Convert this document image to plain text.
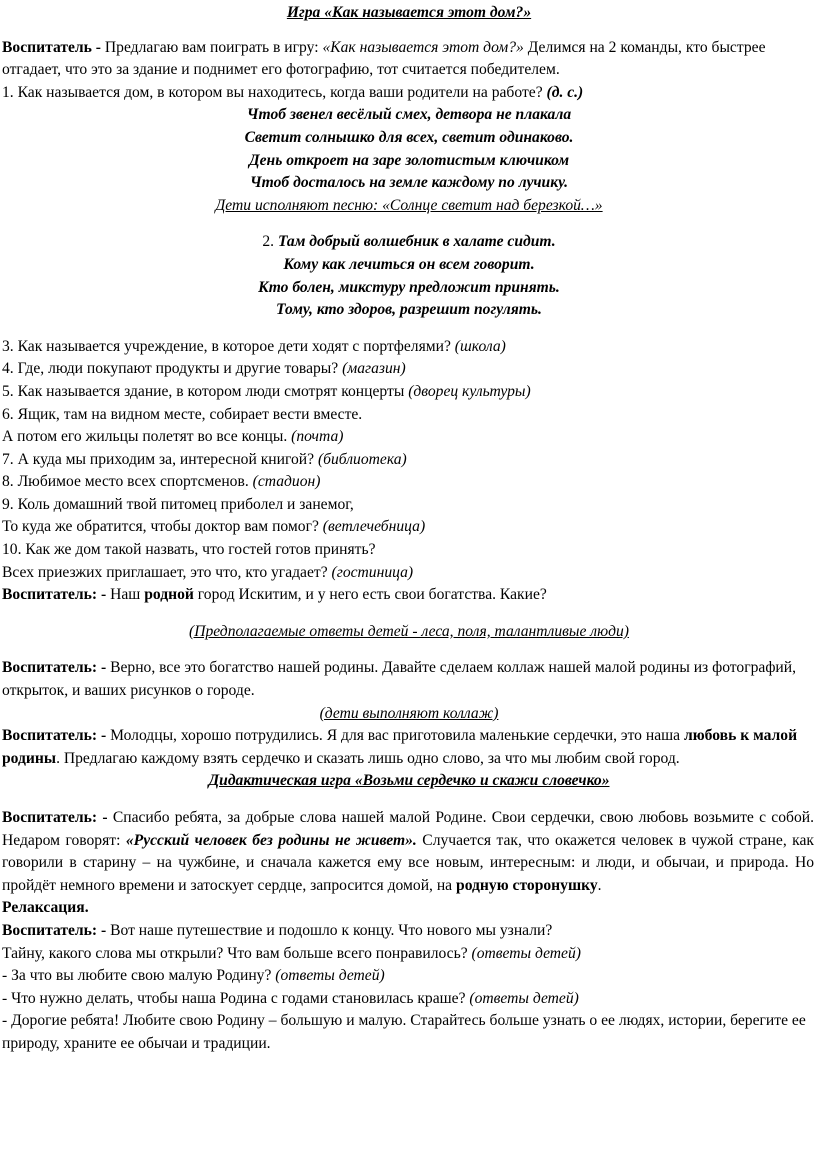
Игра «Как называется этот дом?»

Воспитатель - Предлагаю вам поиграть в игру: «Как называется этот дом?» Делимся на 2 команды, кто быстрее отгадает, что это за здание и поднимет его фотографию, тот считается победителем.

1. Как называется дом, в котором вы находитесь, когда ваши родители на работе? (д. с.)

Чтоб звенел весёлый смех, детвора не плакала

Светит солнышко для всех, светит одинаково.

День откроет на заре золотистым ключиком

Чтоб досталось на земле каждому по лучику.

Дети исполняют песню: «Солнце светит над березкой…»

2. Там добрый волшебник в халате сидит.

Кому как лечиться он всем говорит.

Кто болен, микстуру предложит принять.

Тому, кто здоров, разрешит погулять.

3. Как называется учреждение, в которое дети ходят с портфелями? (школа)

4. Где, люди покупают продукты и другие товары? (магазин)

5. Как называется здание, в котором люди смотрят концерты (дворец культуры)

6. Ящик, там на видном месте, собирает вести вместе.

А потом его жильцы полетят во все концы. (почта)

7. А куда мы приходим за, интересной книгой? (библиотека)

8. Любимое место всех спортсменов. (стадион)

9. Коль домашний твой питомец приболел и занемог,

То куда же обратится, чтобы доктор вам помог? (ветлечебница)

10. Как же дом такой назвать, что гостей готов принять?

Всех приезжих приглашает, это что, кто угадает? (гостиница)

Воспитатель: - Наш родной город Искитим, и у него есть свои богатства. Какие?

(Предполагаемые ответы детей - леса, поля, талантливые люди)

Воспитатель: - Верно, все это богатство нашей родины. Давайте сделаем коллаж нашей малой родины из фотографий, открыток, и ваших рисунков о городе.

(дети выполняют коллаж)

Воспитатель: - Молодцы, хорошо потрудились. Я для вас приготовила маленькие сердечки, это наша любовь к малой родины. Предлагаю каждому взять сердечко и сказать лишь одно слово, за что мы любим свой город.

Дидактическая игра «Возьми сердечко и скажи словечко»

Воспитатель: - Спасибо ребята, за добрые слова нашей малой Родине. Свои сердечки, свою любовь возьмите с собой. Недаром говорят: «Русский человек без родины не живет». Случается так, что окажется человек в чужой стране, как говорили в старину – на чужбине, и сначала кажется ему все новым, интересным: и люди, и обычаи, и природа. Но пройдёт немного времени и затоскует сердце, запросится домой, на родную сторонушку.

Релаксация.

Воспитатель: - Вот наше путешествие и подошло к концу. Что нового мы узнали?

Тайну, какого слова мы открыли? Что вам больше всего понравилось? (ответы детей)

- За что вы любите свою малую Родину? (ответы детей)

- Что нужно делать, чтобы наша Родина с годами становилась краше? (ответы детей)

- Дорогие ребята! Любите свою Родину – большую и малую. Старайтесь больше узнать о ее людях, истории, берегите ее природу, храните ее обычаи и традиции.
